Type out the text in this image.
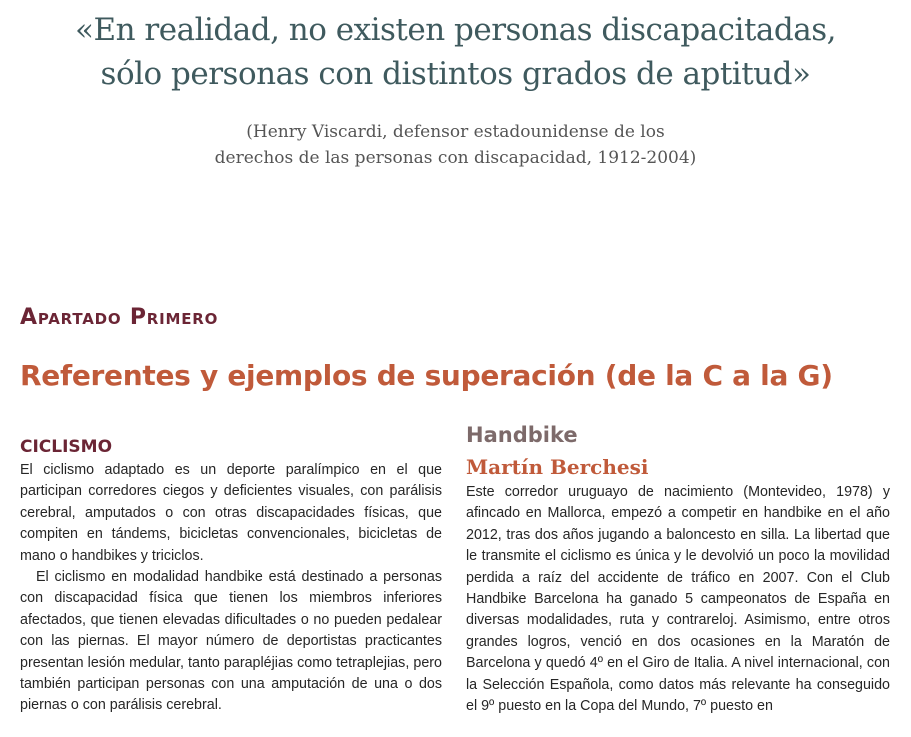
«En realidad, no existen personas discapacitadas,
sólo personas con distintos grados de aptitud»
(Henry Viscardi, defensor estadounidense de los
derechos de las personas con discapacidad, 1912-2004)
Apartado Primero
Referentes y ejemplos de superación (de la C a la G)
CICLISMO

El ciclismo adaptado es un deporte paralímpico en el que participan corredores ciegos y deficientes visuales, con parálisis cerebral, amputados o con otras discapacidades físicas, que compiten en tándems, bicicletas convencionales, bicicletas de mano o handbikes y triciclos.

El ciclismo en modalidad handbike está destinado a personas con discapacidad física que tienen los miembros inferiores afectados, que tienen elevadas dificultades o no pueden pedalear con las piernas. El mayor número de deportistas practicantes presentan lesión medular, tanto parapléjias como tetraplejias, pero también participan personas con una amputación de una o dos piernas o con parálisis cerebral.

Handbike
Martín Berchesi

Este corredor uruguayo de nacimiento (Montevideo, 1978) y afincado en Mallorca, empezó a competir en handbike en el año 2012, tras dos años jugando a baloncesto en silla. La libertad que le transmite el ciclismo es única y le devolvió un poco la movilidad perdida a raíz del accidente de tráfico en 2007. Con el Club Handbike Barcelona ha ganado 5 campeonatos de España en diversas modalidades, ruta y contrareloj. Asimismo, entre otros grandes logros, venció en dos ocasiones en la Maratón de Barcelona y quedó 4º en el Giro de Italia. A nivel internacional, con la Selección Española, como datos más relevante ha conseguido el 9º puesto en la Copa del Mundo, 7º puesto en
